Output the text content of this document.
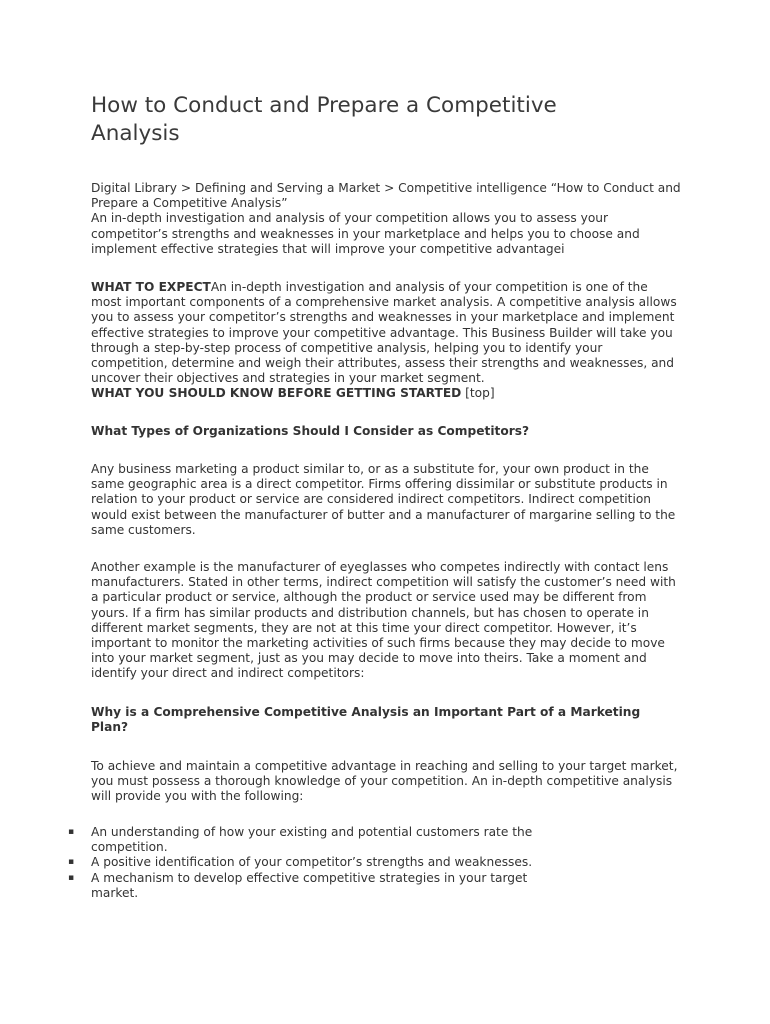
How to Conduct and Prepare a Competitive Analysis

Digital Library > Defining and Serving a Market > Competitive intelligence “How to Conduct and Prepare a Competitive Analysis”

An in-depth investigation and analysis of your competition allows you to assess your competitor’s strengths and weaknesses in your marketplace and helps you to choose and implement effective strategies that will improve your competitive advantagei

WHAT TO EXPECTAn in-depth investigation and analysis of your competition is one of the most important components of a comprehensive market analysis. A competitive analysis allows you to assess your competitor’s strengths and weaknesses in your marketplace and implement effective strategies to improve your competitive advantage. This Business Builder will take you through a step-by-step process of competitive analysis, helping you to identify your competition, determine and weigh their attributes, assess their strengths and weaknesses, and uncover their objectives and strategies in your market segment.

WHAT YOU SHOULD KNOW BEFORE GETTING STARTED [top]

What Types of Organizations Should I Consider as Competitors?

Any business marketing a product similar to, or as a substitute for, your own product in the same geographic area is a direct competitor. Firms offering dissimilar or substitute products in relation to your product or service are considered indirect competitors. Indirect competition would exist between the manufacturer of butter and a manufacturer of margarine selling to the same customers.

Another example is the manufacturer of eyeglasses who competes indirectly with contact lens manufacturers. Stated in other terms, indirect competition will satisfy the customer’s need with a particular product or service, although the product or service used may be different from yours. If a firm has similar products and distribution channels, but has chosen to operate in different market segments, they are not at this time your direct competitor. However, it’s important to monitor the marketing activities of such firms because they may decide to move into your market segment, just as you may decide to move into theirs. Take a moment and identify your direct and indirect competitors:

Why is a Comprehensive Competitive Analysis an Important Part of a Marketing Plan?

To achieve and maintain a competitive advantage in reaching and selling to your target market, you must possess a thorough knowledge of your competition. An in-depth competitive analysis will provide you with the following:

▪ An understanding of how your existing and potential customers rate the competition.
▪ A positive identification of your competitor’s strengths and weaknesses.
▪ A mechanism to develop effective competitive strategies in your target market.
